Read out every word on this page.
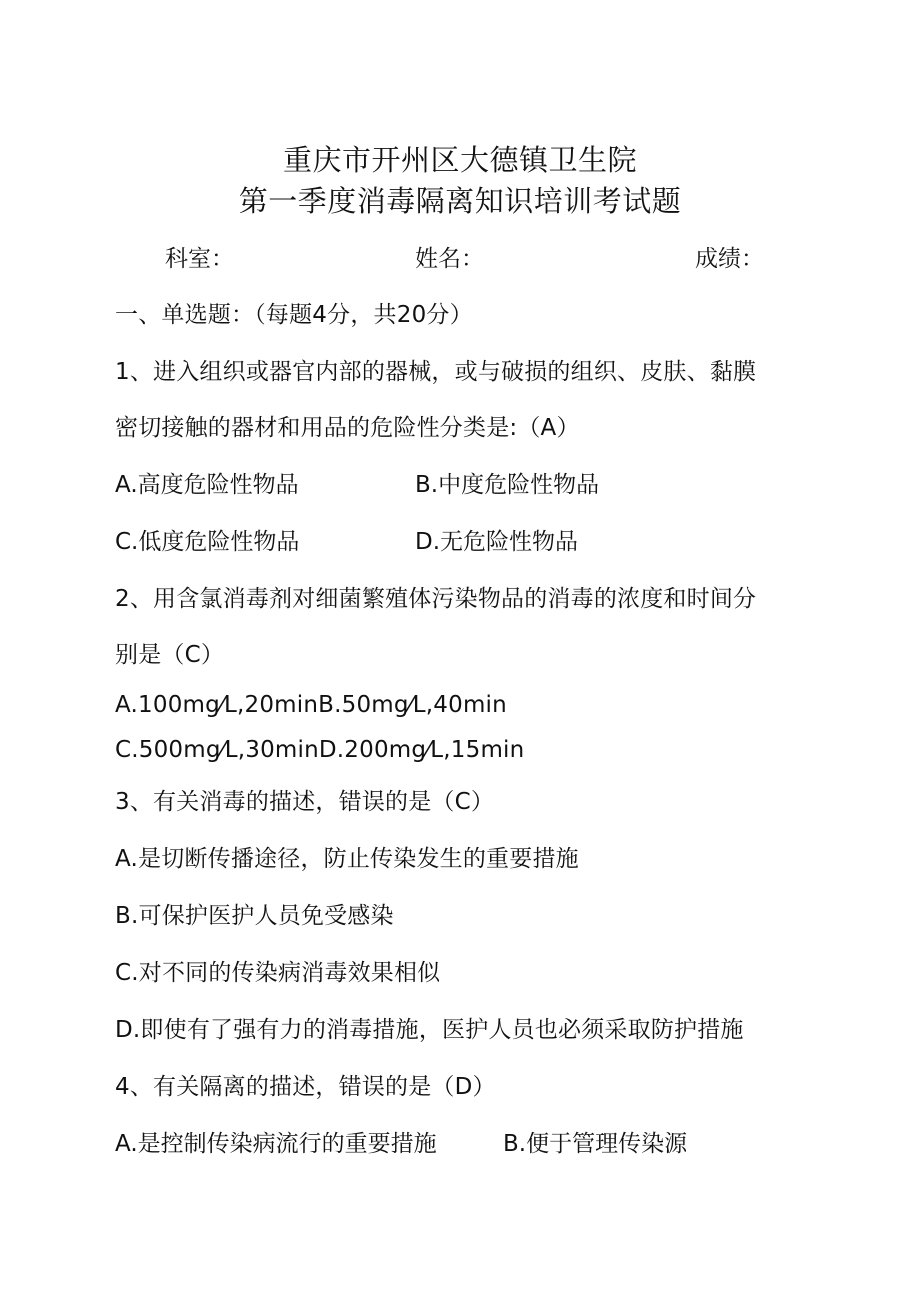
重庆市开州区大德镇卫生院
第一季度消毒隔离知识培训考试题
科室：	姓名：	成绩：
一、单选题：（每题4分，共20分）
1、进入组织或器官内部的器械，或与破损的组织、皮肤、黏膜
密切接触的器材和用品的危险性分类是:（A）
A.高度危险性物品	B.中度危险性物品
C.低度危险性物品	D.无危险性物品
2、用含氯消毒剂对细菌繁殖体污染物品的消毒的浓度和时间分
别是（C）
A.100mg⁄L,20minB.50mg⁄L,40min
C.500mg⁄L,30minD.200mg⁄L,15min
3、有关消毒的描述，错误的是（C）
A.是切断传播途径，防止传染发生的重要措施
B.可保护医护人员免受感染
C.对不同的传染病消毒效果相似
D.即使有了强有力的消毒措施，医护人员也必须采取防护措施
4、有关隔离的描述，错误的是（D）
A.是控制传染病流行的重要措施	B.便于管理传染源
